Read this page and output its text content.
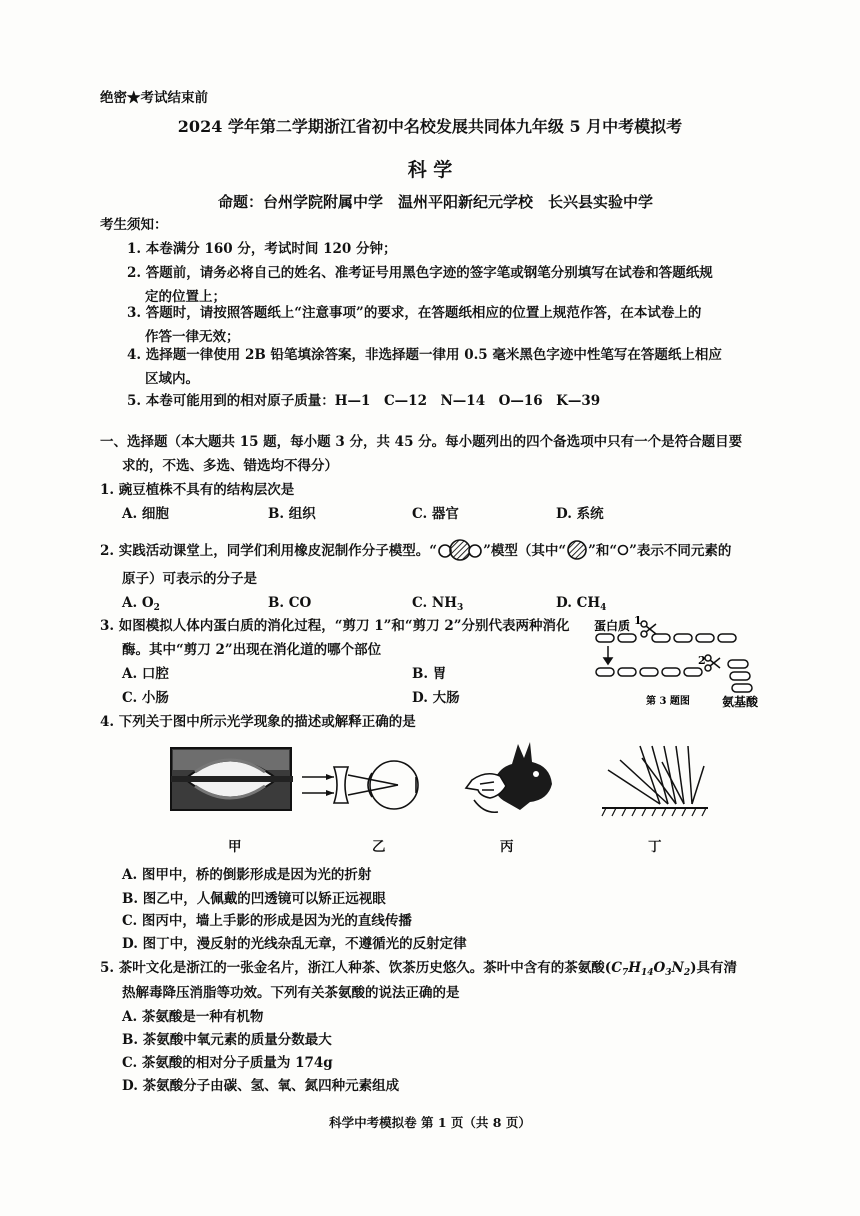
绝密★考试结束前
2024 学年第二学期浙江省初中名校发展共同体九年级 5 月中考模拟考
科 学
命题：台州学院附属中学　温州平阳新纪元学校　长兴县实验中学
考生须知：
1. 本卷满分 160 分，考试时间 120 分钟；
2. 答题前，请务必将自己的姓名、准考证号用黑色字迹的签字笔或钢笔分别填写在试卷和答题纸规
定的位置上；
3. 答题时，请按照答题纸上“注意事项”的要求，在答题纸相应的位置上规范作答，在本试卷上的
作答一律无效；
4. 选择题一律使用 2B 铅笔填涂答案，非选择题一律用 0.5 毫米黑色字迹中性笔写在答题纸上相应
区域内。
5. 本卷可能用到的相对原子质量：H—1　C—12　N—14　O—16　K—39
一、选择题（本大题共 15 题，每小题 3 分，共 45 分。每小题列出的四个备选项中只有一个是符合题目要
求的，不选、多选、错选均不得分）
1. 豌豆植株不具有的结构层次是
A. 细胞	B. 组织	C. 器官	D. 系统
2. 实践活动课堂上，同学们利用橡皮泥制作分子模型。“	”模型（其中“ ”和“ ”表示不同元素的
原子）可表示的分子是
A. $O_2$	B. CO	C. $NH_3$	D. $CH_4$
3. 如图模拟人体内蛋白质的消化过程，“剪刀 1”和“剪刀 2”分别代表两种消化
酶。其中“剪刀 2”出现在消化道的哪个部位
A. 口腔	B. 胃
C. 小肠	D. 大肠
蛋白质 1
2
第 3 题图	氨基酸
4. 下列关于图中所示光学现象的描述或解释正确的是
甲	乙	丙	丁
A. 图甲中，桥的倒影形成是因为光的折射
B. 图乙中，人佩戴的凹透镜可以矫正远视眼
C. 图丙中，墙上手影的形成是因为光的直线传播
D. 图丁中，漫反射的光线杂乱无章，不遵循光的反射定律
5. 茶叶文化是浙江的一张金名片，浙江人种茶、饮茶历史悠久。茶叶中含有的茶氨酸$(C_7H_{14}O_3N_2)$具有清
热解毒降压消脂等功效。下列有关茶氨酸的说法正确的是
A. 茶氨酸是一种有机物
B. 茶氨酸中氧元素的质量分数最大
C. 茶氨酸的相对分子质量为 174g
D. 茶氨酸分子由碳、氢、氧、氮四种元素组成
科学中考模拟卷 第 1 页（共 8 页）
